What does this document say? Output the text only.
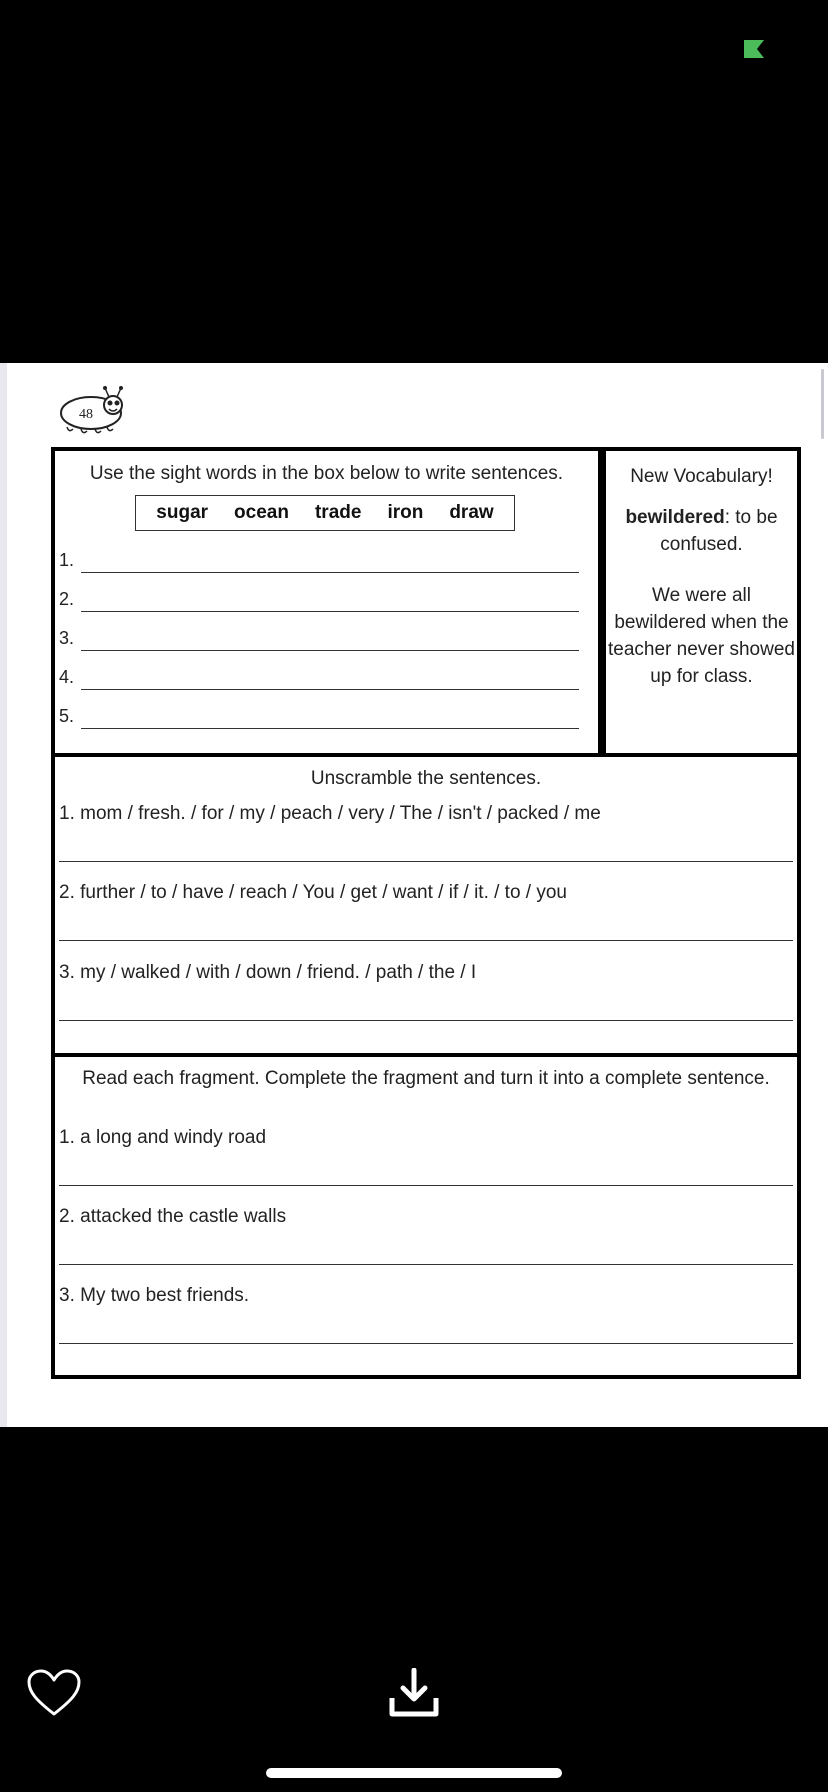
48
Use the sight words in the box below to write sentences.
sugar ocean trade iron draw
1.
2.
3.
4.
5.
New Vocabulary!
bewildered: to be confused.
We were all bewildered when the teacher never showed up for class.
Unscramble the sentences.
1. mom / fresh. / for / my / peach / very / The / isn't / packed / me
2. further / to / have / reach / You / get / want / if / it. / to / you
3. my / walked / with / down / friend. / path / the / I
Read each fragment. Complete the fragment and turn it into a complete sentence.
1. a long and windy road
2. attacked the castle walls
3. My two best friends.
